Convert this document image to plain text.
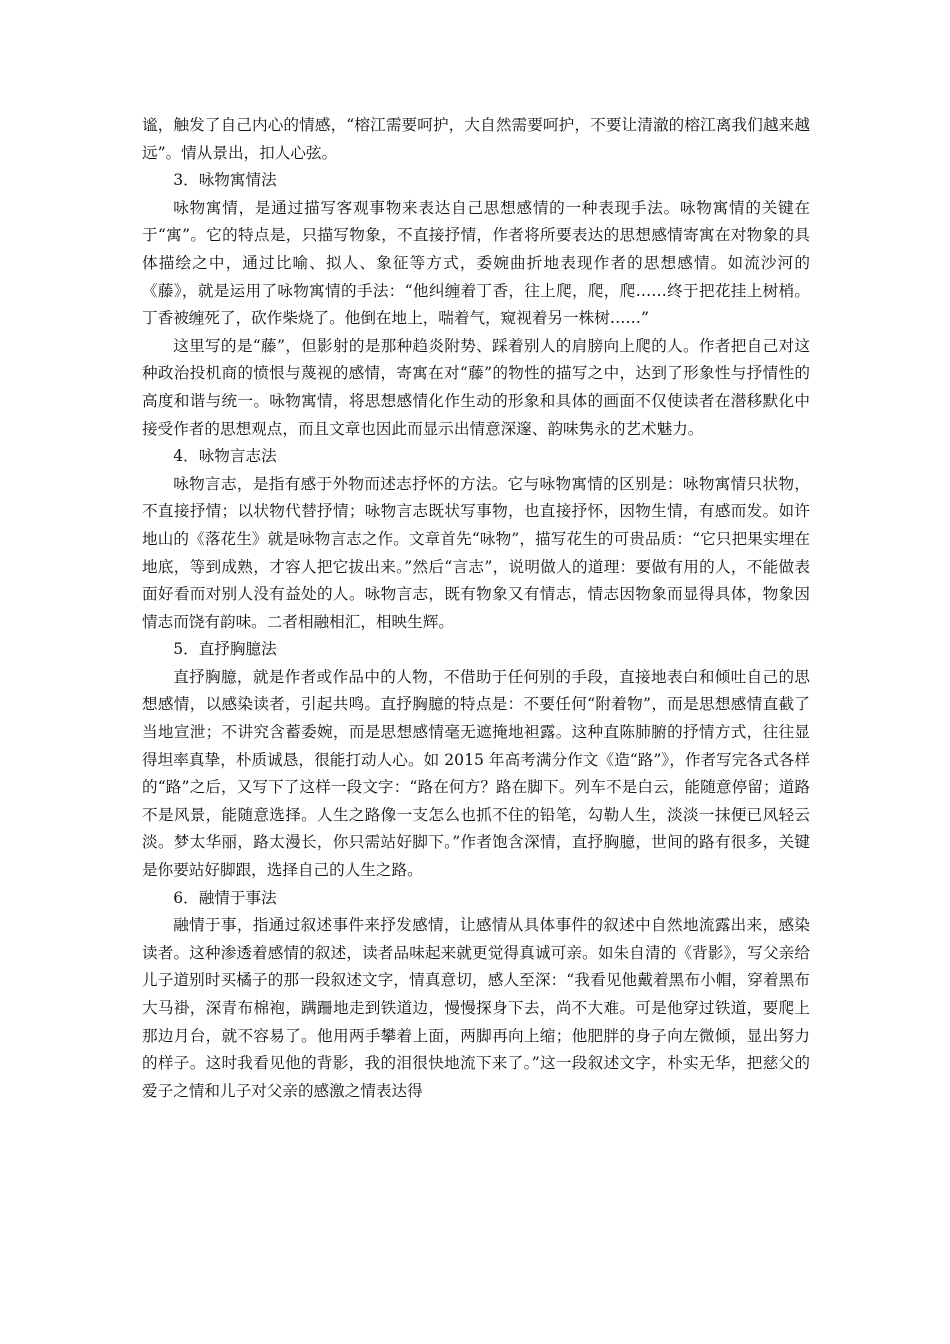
谧，触发了自己内心的情感，“榕江需要呵护，大自然需要呵护，不要让清澈的榕江离我们越来越远”。情从景出，扣人心弦。

3．咏物寓情法

咏物寓情，是通过描写客观事物来表达自己思想感情的一种表现手法。咏物寓情的关键在于“寓”。它的特点是，只描写物象，不直接抒情，作者将所要表达的思想感情寄寓在对物象的具体描绘之中，通过比喻、拟人、象征等方式，委婉曲折地表现作者的思想感情。如流沙河的《藤》，就是运用了咏物寓情的手法：“他纠缠着丁香，往上爬，爬，爬……终于把花挂上树梢。丁香被缠死了，砍作柴烧了。他倒在地上，喘着气，窥视着另一株树……”

这里写的是“藤”，但影射的是那种趋炎附势、踩着别人的肩膀向上爬的人。作者把自己对这种政治投机商的愤恨与蔑视的感情，寄寓在对“藤”的物性的描写之中，达到了形象性与抒情性的高度和谐与统一。咏物寓情，将思想感情化作生动的形象和具体的画面不仅使读者在潜移默化中接受作者的思想观点，而且文章也因此而显示出情意深邃、韵味隽永的艺术魅力。

4．咏物言志法

咏物言志，是指有感于外物而述志抒怀的方法。它与咏物寓情的区别是：咏物寓情只状物，不直接抒情；以状物代替抒情；咏物言志既状写事物，也直接抒怀，因物生情，有感而发。如许地山的《落花生》就是咏物言志之作。文章首先“咏物”，描写花生的可贵品质：“它只把果实埋在地底，等到成熟，才容人把它拔出来。”然后“言志”，说明做人的道理：要做有用的人，不能做表面好看而对别人没有益处的人。咏物言志，既有物象又有情志，情志因物象而显得具体，物象因情志而饶有韵味。二者相融相汇，相映生辉。

5．直抒胸臆法

直抒胸臆，就是作者或作品中的人物，不借助于任何别的手段，直接地表白和倾吐自己的思想感情，以感染读者，引起共鸣。直抒胸臆的特点是：不要任何“附着物”，而是思想感情直截了当地宣泄；不讲究含蓄委婉，而是思想感情毫无遮掩地袒露。这种直陈肺腑的抒情方式，往往显得坦率真挚，朴质诚恳，很能打动人心。如 2015 年高考满分作文《造“路”》，作者写完各式各样的“路”之后，又写下了这样一段文字：“路在何方？路在脚下。列车不是白云，能随意停留；道路不是风景，能随意选择。人生之路像一支怎么也抓不住的铅笔，勾勒人生，淡淡一抹便已风轻云淡。梦太华丽，路太漫长，你只需站好脚下。”作者饱含深情，直抒胸臆，世间的路有很多，关键是你要站好脚跟，选择自己的人生之路。

6．融情于事法

融情于事，指通过叙述事件来抒发感情，让感情从具体事件的叙述中自然地流露出来，感染读者。这种渗透着感情的叙述，读者品味起来就更觉得真诚可亲。如朱自清的《背影》，写父亲给儿子道别时买橘子的那一段叙述文字，情真意切，感人至深：“我看见他戴着黑布小帽，穿着黑布大马褂，深青布棉袍，蹒跚地走到铁道边，慢慢探身下去，尚不大难。可是他穿过铁道，要爬上那边月台，就不容易了。他用两手攀着上面，两脚再向上缩；他肥胖的身子向左微倾，显出努力的样子。这时我看见他的背影，我的泪很快地流下来了。”这一段叙述文字，朴实无华，把慈父的爱子之情和儿子对父亲的感激之情表达得
